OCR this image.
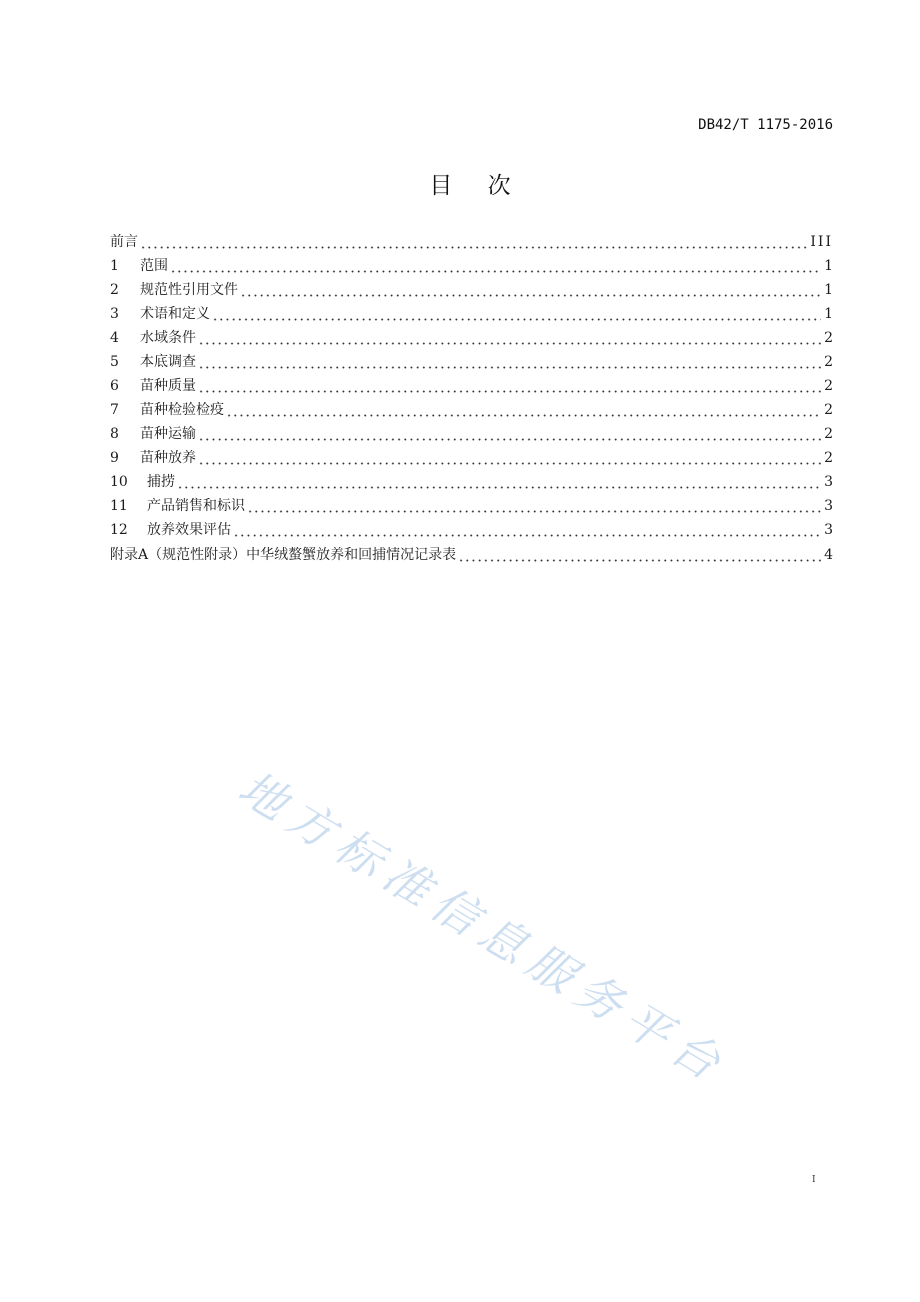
DB42/T 1175-2016
目 次
前言	III
1	范围	1
2	规范性引用文件	1
3	术语和定义	1
4	水域条件	2
5	本底调查	2
6	苗种质量	2
7	苗种检验检疫	2
8	苗种运输	2
9	苗种放养	2
10	捕捞	3
11	产品销售和标识	3
12	放养效果评估	3
附录A（规范性附录）中华绒螯蟹放养和回捕情况记录表	4
地方标准信息服务平台
I
